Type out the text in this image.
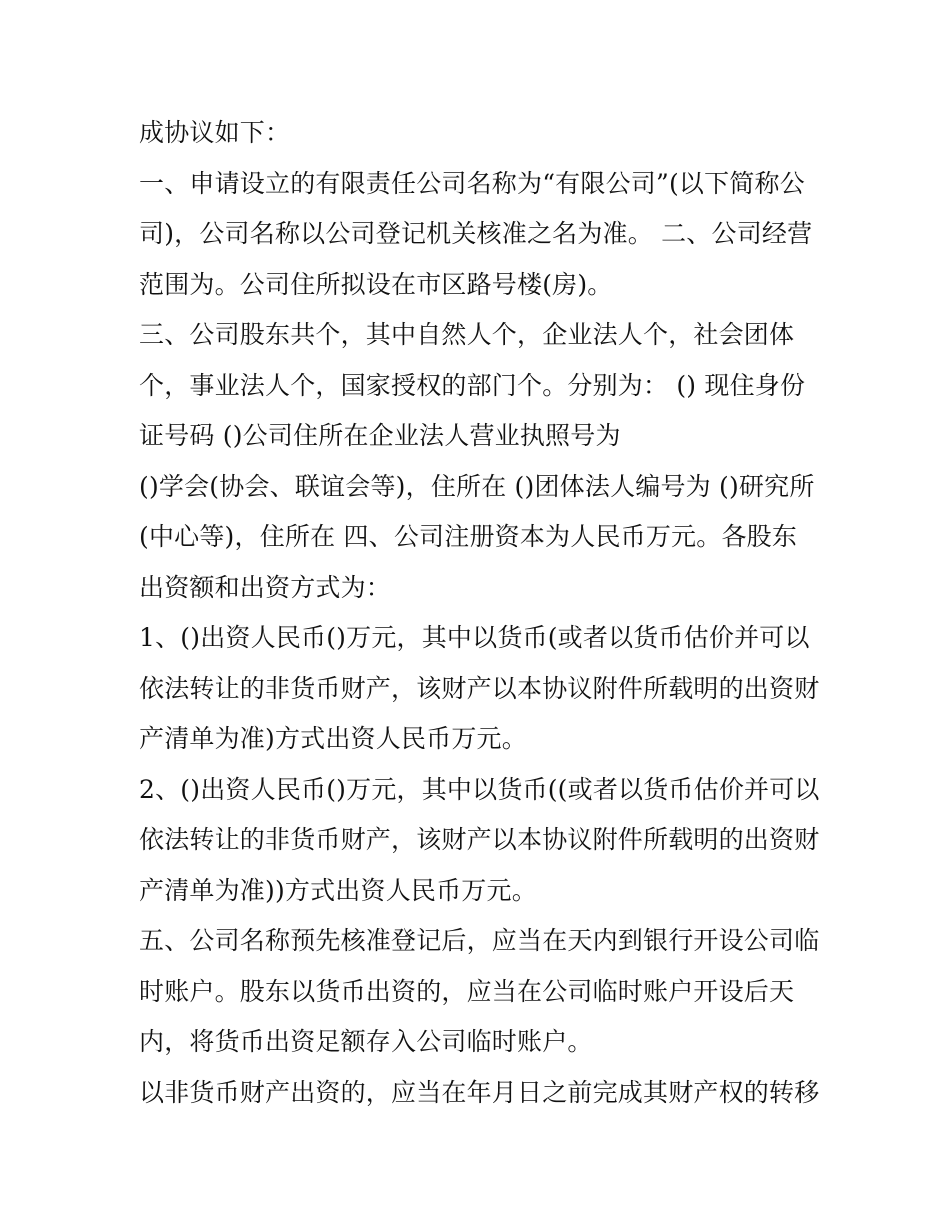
成协议如下：
一、申请设立的有限责任公司名称为“有限公司”(以下简称公
司)，公司名称以公司登记机关核准之名为准。 二、公司经营
范围为。公司住所拟设在市区路号楼(房)。
三、公司股东共个，其中自然人个，企业法人个，社会团体
个，事业法人个，国家授权的部门个。分别为： () 现住身份
证号码 ()公司住所在企业法人营业执照号为
()学会(协会、联谊会等)，住所在 ()团体法人编号为 ()研究所
(中心等)，住所在 四、公司注册资本为人民币万元。各股东
出资额和出资方式为：
1、()出资人民币()万元，其中以货币(或者以货币估价并可以
依法转让的非货币财产，该财产以本协议附件所载明的出资财
产清单为准)方式出资人民币万元。
2、()出资人民币()万元，其中以货币((或者以货币估价并可以
依法转让的非货币财产，该财产以本协议附件所载明的出资财
产清单为准))方式出资人民币万元。
五、公司名称预先核准登记后，应当在天内到银行开设公司临
时账户。股东以货币出资的，应当在公司临时账户开设后天
内，将货币出资足额存入公司临时账户。
以非货币财产出资的，应当在年月日之前完成其财产权的转移
